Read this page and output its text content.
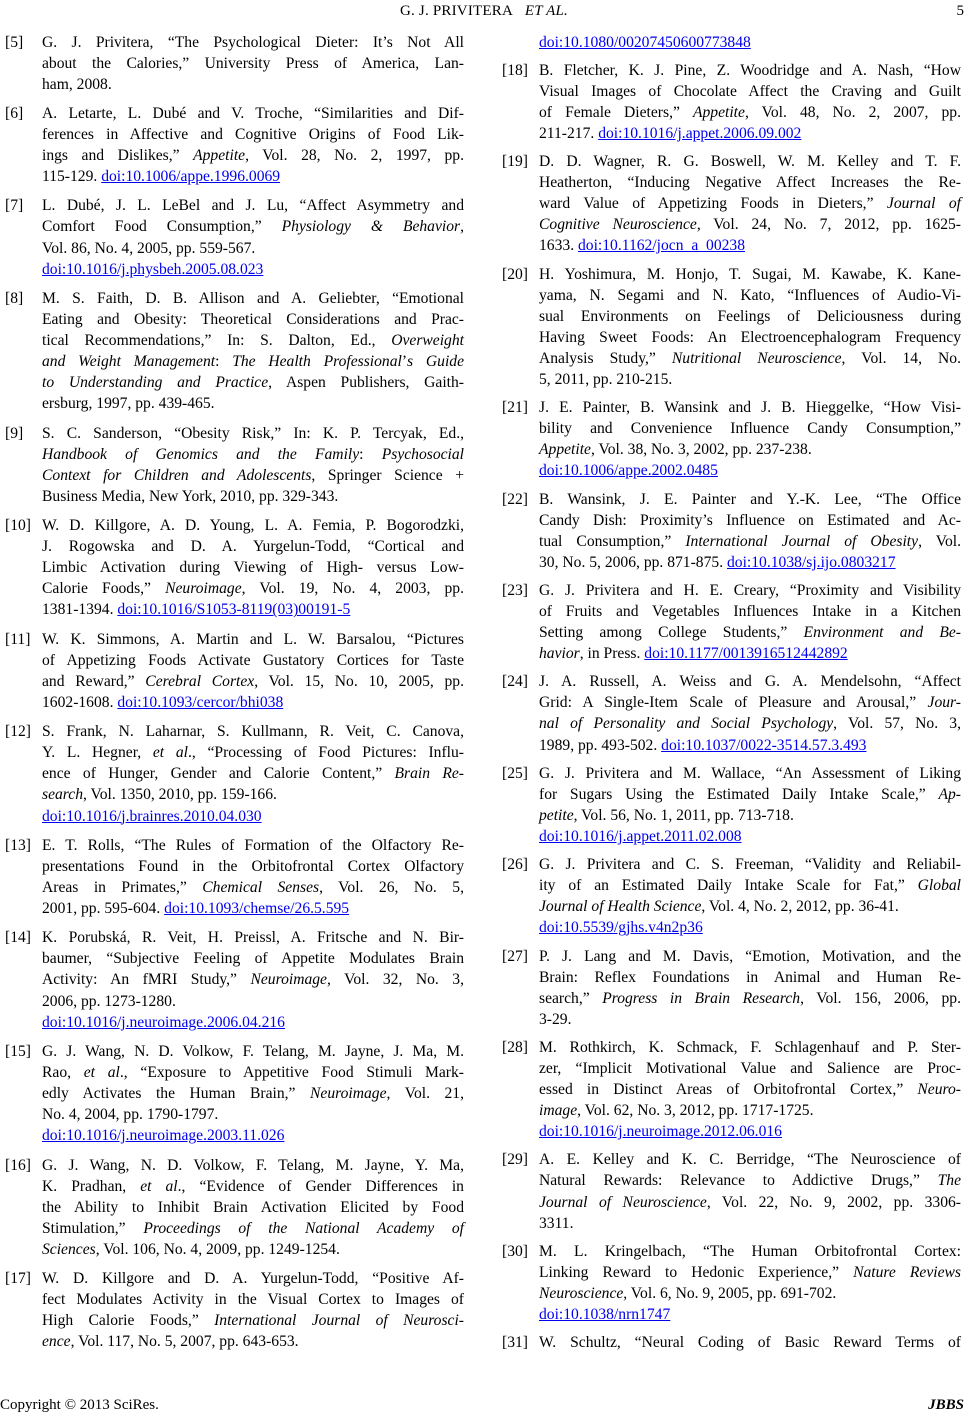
G. J. PRIVITERA ET AL.	5
[5] G. J. Privitera, “The Psychological Dieter: It’s Not All
about the Calories,” University Press of America, Lan-
ham, 2008.
[6] A. Letarte, L. Dubé and V. Troche, “Similarities and Dif-
ferences in Affective and Cognitive Origins of Food Lik-
ings and Dislikes,” Appetite, Vol. 28, No. 2, 1997, pp.
115-129. doi:10.1006/appe.1996.0069
[7] L. Dubé, J. L. LeBel and J. Lu, “Affect Asymmetry and
Comfort Food Consumption,” Physiology & Behavior,
Vol. 86, No. 4, 2005, pp. 559-567.
doi:10.1016/j.physbeh.2005.08.023
[8] M. S. Faith, D. B. Allison and A. Geliebter, “Emotional
Eating and Obesity: Theoretical Considerations and Prac-
tical Recommendations,” In: S. Dalton, Ed., Overweight
and Weight Management: The Health Professional’s Guide
to Understanding and Practice, Aspen Publishers, Gaith-
ersburg, 1997, pp. 439-465.
[9] S. C. Sanderson, “Obesity Risk,” In: K. P. Tercyak, Ed.,
Handbook of Genomics and the Family: Psychosocial
Context for Children and Adolescents, Springer Science +
Business Media, New York, 2010, pp. 329-343.
[10] W. D. Killgore, A. D. Young, L. A. Femia, P. Bogorodzki,
J. Rogowska and D. A. Yurgelun-Todd, “Cortical and
Limbic Activation during Viewing of High- versus Low-
Calorie Foods,” Neuroimage, Vol. 19, No. 4, 2003, pp.
1381-1394. doi:10.1016/S1053-8119(03)00191-5
[11] W. K. Simmons, A. Martin and L. W. Barsalou, “Pictures
of Appetizing Foods Activate Gustatory Cortices for Taste
and Reward,” Cerebral Cortex, Vol. 15, No. 10, 2005, pp.
1602-1608. doi:10.1093/cercor/bhi038
[12] S. Frank, N. Laharnar, S. Kullmann, R. Veit, C. Canova,
Y. L. Hegner, et al., “Processing of Food Pictures: Influ-
ence of Hunger, Gender and Calorie Content,” Brain Re-
search, Vol. 1350, 2010, pp. 159-166.
doi:10.1016/j.brainres.2010.04.030
[13] E. T. Rolls, “The Rules of Formation of the Olfactory Re-
presentations Found in the Orbitofrontal Cortex Olfactory
Areas in Primates,” Chemical Senses, Vol. 26, No. 5,
2001, pp. 595-604. doi:10.1093/chemse/26.5.595
[14] K. Porubská, R. Veit, H. Preissl, A. Fritsche and N. Bir-
baumer, “Subjective Feeling of Appetite Modulates Brain
Activity: An fMRI Study,” Neuroimage, Vol. 32, No. 3,
2006, pp. 1273-1280.
doi:10.1016/j.neuroimage.2006.04.216
[15] G. J. Wang, N. D. Volkow, F. Telang, M. Jayne, J. Ma, M.
Rao, et al., “Exposure to Appetitive Food Stimuli Mark-
edly Activates the Human Brain,” Neuroimage, Vol. 21,
No. 4, 2004, pp. 1790-1797.
doi:10.1016/j.neuroimage.2003.11.026
[16] G. J. Wang, N. D. Volkow, F. Telang, M. Jayne, Y. Ma,
K. Pradhan, et al., “Evidence of Gender Differences in
the Ability to Inhibit Brain Activation Elicited by Food
Stimulation,” Proceedings of the National Academy of
Sciences, Vol. 106, No. 4, 2009, pp. 1249-1254.
[17] W. D. Killgore and D. A. Yurgelun-Todd, “Positive Af-
fect Modulates Activity in the Visual Cortex to Images of
High Calorie Foods,” International Journal of Neurosci-
ence, Vol. 117, No. 5, 2007, pp. 643-653.
doi:10.1080/00207450600773848
[18] B. Fletcher, K. J. Pine, Z. Woodridge and A. Nash, “How
Visual Images of Chocolate Affect the Craving and Guilt
of Female Dieters,” Appetite, Vol. 48, No. 2, 2007, pp.
211-217. doi:10.1016/j.appet.2006.09.002
[19] D. D. Wagner, R. G. Boswell, W. M. Kelley and T. F.
Heatherton, “Inducing Negative Affect Increases the Re-
ward Value of Appetizing Foods in Dieters,” Journal of
Cognitive Neuroscience, Vol. 24, No. 7, 2012, pp. 1625-
1633. doi:10.1162/jocn_a_00238
[20] H. Yoshimura, M. Honjo, T. Sugai, M. Kawabe, K. Kane-
yama, N. Segami and N. Kato, “Influences of Audio-Vi-
sual Environments on Feelings of Deliciousness during
Having Sweet Foods: An Electroencephalogram Frequency
Analysis Study,” Nutritional Neuroscience, Vol. 14, No.
5, 2011, pp. 210-215.
[21] J. E. Painter, B. Wansink and J. B. Hieggelke, “How Visi-
bility and Convenience Influence Candy Consumption,”
Appetite, Vol. 38, No. 3, 2002, pp. 237-238.
doi:10.1006/appe.2002.0485
[22] B. Wansink, J. E. Painter and Y.-K. Lee, “The Office
Candy Dish: Proximity’s Influence on Estimated and Ac-
tual Consumption,” International Journal of Obesity, Vol.
30, No. 5, 2006, pp. 871-875. doi:10.1038/sj.ijo.0803217
[23] G. J. Privitera and H. E. Creary, “Proximity and Visibility
of Fruits and Vegetables Influences Intake in a Kitchen
Setting among College Students,” Environment and Be-
havior, in Press. doi:10.1177/0013916512442892
[24] J. A. Russell, A. Weiss and G. A. Mendelsohn, “Affect
Grid: A Single-Item Scale of Pleasure and Arousal,” Jour-
nal of Personality and Social Psychology, Vol. 57, No. 3,
1989, pp. 493-502. doi:10.1037/0022-3514.57.3.493
[25] G. J. Privitera and M. Wallace, “An Assessment of Liking
for Sugars Using the Estimated Daily Intake Scale,” Ap-
petite, Vol. 56, No. 1, 2011, pp. 713-718.
doi:10.1016/j.appet.2011.02.008
[26] G. J. Privitera and C. S. Freeman, “Validity and Reliabil-
ity of an Estimated Daily Intake Scale for Fat,” Global
Journal of Health Science, Vol. 4, No. 2, 2012, pp. 36-41.
doi:10.5539/gjhs.v4n2p36
[27] P. J. Lang and M. Davis, “Emotion, Motivation, and the
Brain: Reflex Foundations in Animal and Human Re-
search,” Progress in Brain Research, Vol. 156, 2006, pp.
3-29.
[28] M. Rothkirch, K. Schmack, F. Schlagenhauf and P. Ster-
zer, “Implicit Motivational Value and Salience are Proc-
essed in Distinct Areas of Orbitofrontal Cortex,” Neuro-
image, Vol. 62, No. 3, 2012, pp. 1717-1725.
doi:10.1016/j.neuroimage.2012.06.016
[29] A. E. Kelley and K. C. Berridge, “The Neuroscience of
Natural Rewards: Relevance to Addictive Drugs,” The
Journal of Neuroscience, Vol. 22, No. 9, 2002, pp. 3306-
3311.
[30] M. L. Kringelbach, “The Human Orbitofrontal Cortex:
Linking Reward to Hedonic Experience,” Nature Reviews
Neuroscience, Vol. 6, No. 9, 2005, pp. 691-702.
doi:10.1038/nrn1747
[31] W. Schultz, “Neural Coding of Basic Reward Terms of
Copyright © 2013 SciRes.	JBBS
